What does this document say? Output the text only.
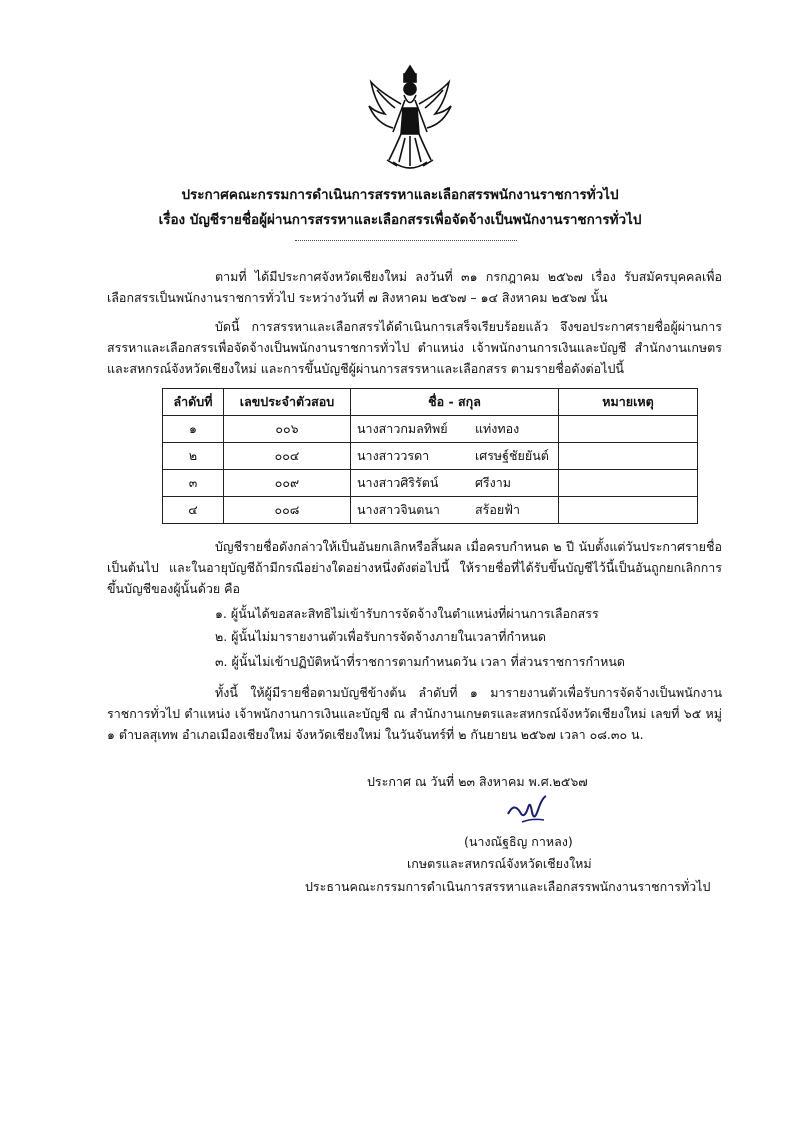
ประกาศคณะกรรมการดำเนินการสรรหาและเลือกสรรพนักงานราชการทั่วไป
เรื่อง บัญชีรายชื่อผู้ผ่านการสรรหาและเลือกสรรเพื่อจัดจ้างเป็นพนักงานราชการทั่วไป
ตามที่ ได้มีประกาศจังหวัดเชียงใหม่ ลงวันที่ ๓๑ กรกฎาคม ๒๕๖๗ เรื่อง รับสมัครบุคคลเพื่อเลือกสรรเป็นพนักงานราชการทั่วไป ระหว่างวันที่ ๗ สิงหาคม ๒๕๖๗ – ๑๔ สิงหาคม ๒๕๖๗ นั้น
บัดนี้ การสรรหาและเลือกสรรได้ดำเนินการเสร็จเรียบร้อยแล้ว จึงขอประกาศรายชื่อผู้ผ่านการสรรหาและเลือกสรรเพื่อจัดจ้างเป็นพนักงานราชการทั่วไป ตำแหน่ง เจ้าพนักงานการเงินและบัญชี สำนักงานเกษตรและสหกรณ์จังหวัดเชียงใหม่ และการขึ้นบัญชีผู้ผ่านการสรรหาและเลือกสรร ตามรายชื่อดังต่อไปนี้
ลำดับที่	เลขประจำตัวสอบ	ชื่อ - สกุล	หมายเหตุ
๑	๐๐๖	นางสาวกมลทิพย์ แท่งทอง	
๒	๐๐๔	นางสาววรดา เศรษฐ์ชัยยันต์	
๓	๐๐๙	นางสาวศิริรัตน์ ศรีงาม	
๔	๐๐๘	นางสาวจินตนา สร้อยฟ้า	
บัญชีรายชื่อดังกล่าวให้เป็นอันยกเลิกหรือสิ้นผล เมื่อครบกำหนด ๒ ปี นับตั้งแต่วันประกาศรายชื่อเป็นต้นไป และในอายุบัญชีถ้ามีกรณีอย่างใดอย่างหนึ่งดังต่อไปนี้ ให้รายชื่อที่ได้รับขึ้นบัญชีไว้นี้เป็นอันถูกยกเลิกการขึ้นบัญชีของผู้นั้นด้วย คือ
๑. ผู้นั้นได้ขอสละสิทธิไม่เข้ารับการจัดจ้างในตำแหน่งที่ผ่านการเลือกสรร
๒. ผู้นั้นไม่มารายงานตัวเพื่อรับการจัดจ้างภายในเวลาที่กำหนด
๓. ผู้นั้นไม่เข้าปฏิบัติหน้าที่ราชการตามกำหนดวัน เวลา ที่ส่วนราชการกำหนด
ทั้งนี้ ให้ผู้มีรายชื่อตามบัญชีข้างต้น ลำดับที่ ๑ มารายงานตัวเพื่อรับการจัดจ้างเป็นพนักงานราชการทั่วไป ตำแหน่ง เจ้าพนักงานการเงินและบัญชี ณ สำนักงานเกษตรและสหกรณ์จังหวัดเชียงใหม่ เลขที่ ๖๕ หมู่ ๑ ตำบลสุเทพ อำเภอเมืองเชียงใหม่ จังหวัดเชียงใหม่ ในวันจันทร์ที่ ๒ กันยายน ๒๕๖๗ เวลา ๐๘.๓๐ น.
ประกาศ ณ วันที่ ๒๓ สิงหาคม พ.ศ.๒๕๖๗
(นางณัฐธิญ กาหลง)
เกษตรและสหกรณ์จังหวัดเชียงใหม่
ประธานคณะกรรมการดำเนินการสรรหาและเลือกสรรพนักงานราชการทั่วไป
